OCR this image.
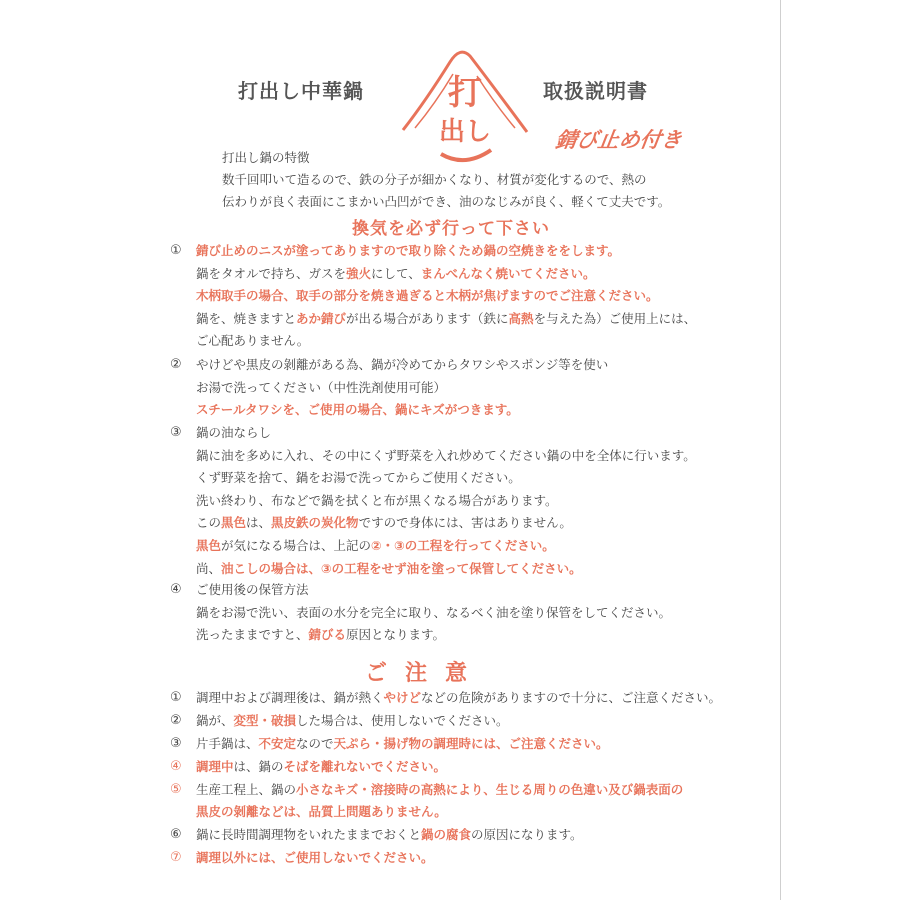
打出し中華鍋 打
出し
取扱説明書
錆び止め付き
打出し鍋の特徴
数千回叩いて造るので、鉄の分子が細かくなり、材質が変化するので、熱の
伝わりが良く表面にこまかい凸凹ができ、油のなじみが良く、軽くて丈夫です。
換気を必ず行って下さい
① 錆び止めのニスが塗ってありますので取り除くため鍋の空焼きををします。
鍋をタオルで持ち、ガスを強火にして、まんべんなく焼いてください。
木柄取手の場合、取手の部分を焼き過ぎると木柄が焦げますのでご注意ください。
鍋を、焼きますとあか錆びが出る場合があります（鉄に高熱を与えた為）ご使用上には、
ご心配ありません。
② やけどや黒皮の剝離がある為、鍋が冷めてからタワシやスポンジ等を使い
お湯で洗ってください（中性洗剤使用可能）
スチールタワシを、ご使用の場合、鍋にキズがつきます。
③ 鍋の油ならし
鍋に油を多めに入れ、その中にくず野菜を入れ炒めてください鍋の中を全体に行います。
くず野菜を捨て、鍋をお湯で洗ってからご使用ください。
洗い終わり、布などで鍋を拭くと布が黒くなる場合があります。
この黒色は、黒皮鉄の炭化物ですので身体には、害はありません。
黒色が気になる場合は、上記の②・③の工程を行ってください。
尚、油こしの場合は、③の工程をせず油を塗って保管してください。
④ ご使用後の保管方法
鍋をお湯で洗い、表面の水分を完全に取り、なるべく油を塗り保管をしてください。
洗ったままですと、錆びる原因となります。
ご注意
① 調理中および調理後は、鍋が熱くやけどなどの危険がありますので十分に、ご注意ください。
② 鍋が、変型・破損した場合は、使用しないでください。
③ 片手鍋は、不安定なので天ぷら・揚げ物の調理時には、ご注意ください。
④ 調理中は、鍋のそばを離れないでください。
⑤ 生産工程上、鍋の小さなキズ・溶接時の高熱により、生じる周りの色違い及び鍋表面の
黒皮の剝離などは、品質上問題ありません。
⑥ 鍋に長時間調理物をいれたままでおくと鍋の腐食の原因になります。
⑦ 調理以外には、ご使用しないでください。
